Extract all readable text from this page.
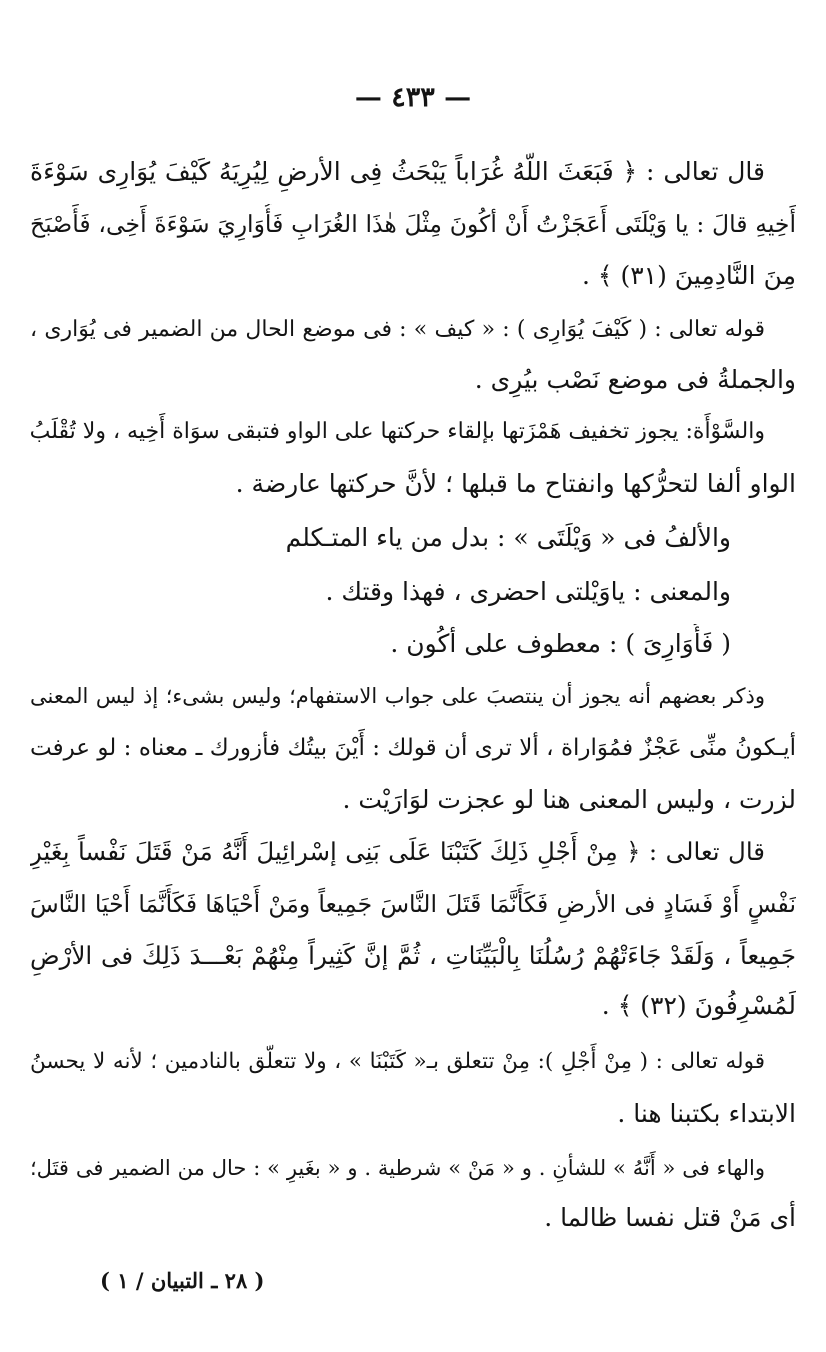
— ٤٣٣ —
قال تعالى : ﴿ فَبَعَثَ اللّهُ غُرَاباً يَبْحَثُ فِى الأرضِ لِيُرِيَهُ كَيْفَ يُوَارِى سَوْءَةَ
أَخِيهِ قالَ : يا وَيْلَتَى أَعَجَزْتُ أَنْ أكُونَ مِثْلَ هٰذَا الغُرَابِ فَأُوَارِيَ سَوْءَةَ أَخِى، فَأَصْبَحَ
مِنَ النَّادِمِينَ (٣١) ﴾ .
قوله تعالى : ( كَيْفَ يُوَارِى ) : « كيف » : فى موضع الحال من الضمير فى يُوَارى ،
والجملةُ فى موضع نَصْب بيُرِى .
والسَّوْأَة: يجوز تخفيف هَمْزَتها بإلقاء حركتها على الواو فتبقى سوَاة أَخِيه ، ولا تُقْلَبُ
الواو ألفا لتحرُّكها وانفتاح ما قبلها ؛ لأنَّ حركتها عارضة .
والألفُ فى « وَيْلَتَى » : بدل من ياء المتـكلم
والمعنى : ياوَيْلتى احضرى ، فهذا وقتك .
( فَأُوَارِىَ ) : معطوف على أكُون .
وذكر بعضهم أنه يجوز أن ينتصبَ على جواب الاستفهام؛ وليس بشىء؛ إذ ليس المعنى
أيـكونُ منِّى عَجْزٌ فمُوَاراة ، ألا ترى أن قولك : أَيْنَ بيتُك فأزورك ـ معناه : لو عرفت
لزرت ، وليس المعنى هنا لو عجزت لوَارَيْت .
قال تعالى : ﴿ مِنْ أَجْلِ ذَلِكَ كَتَبْنَا عَلَى بَنِى إسْرائِيلَ أَنَّهُ مَنْ قَتَلَ نَفْساً بِغَيْرِ
نَفْسٍ أَوْ فَسَادٍ فى الأرضِ فَكَأَنَّمَا قَتَلَ النَّاسَ جَمِيعاً ومَنْ أَحْيَاهَا فَكَأَنَّمَا أَحْيَا النَّاسَ
جَمِيعاً ، وَلَقَدْ جَاءَتْهُمْ رُسُلُنَا بِالْبَيِّنَاتِ ، ثُمَّ إنَّ كَثِيراً مِنْهُمْ بَعْـــدَ ذَلِكَ فى الأرْضِ
لَمُسْرِفُونَ (٣٢) ﴾ .
قوله تعالى : ( مِنْ أَجْلِ ): مِنْ تتعلق بـ« كَتَبْنَا » ، ولا تتعلّق بالنادمين ؛ لأنه لا يحسنُ
الابتداء بكتبنا هنا .
والهاء فى « أَنَّهُ » للشأنِ . و « مَنْ » شرطية . و « بغَيرِ » : حال من الضمير فى قتَل؛
أى مَنْ قتل نفسا ظالما .
( ٢٨ ـ التبيان / ١ )
